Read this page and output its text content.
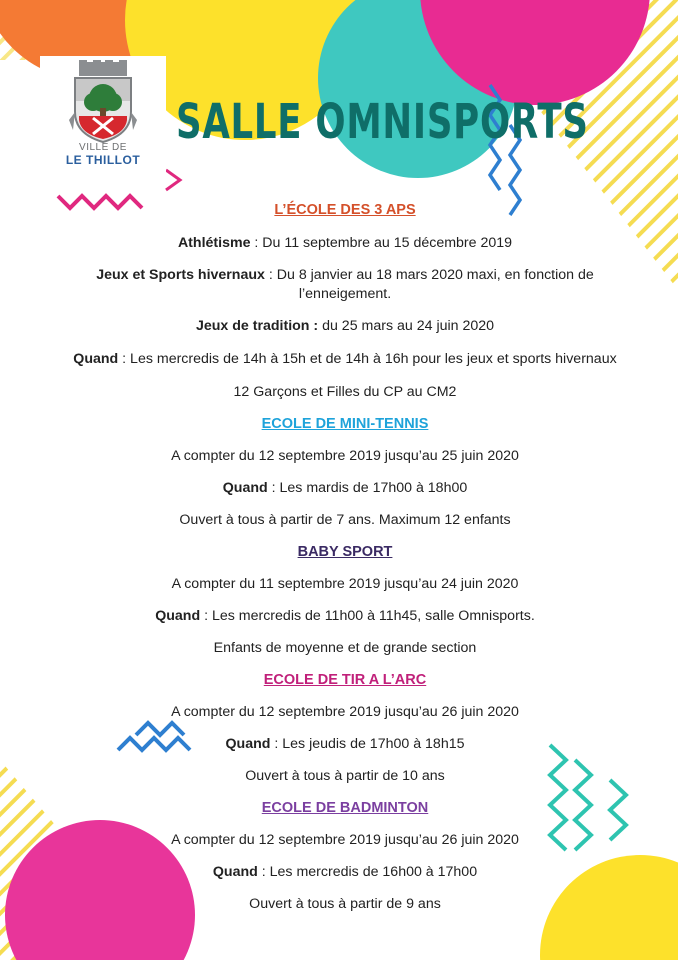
VILLE DE
LE THILLOT
SALLE OMNISPORTS

L’ÉCOLE DES 3 APS

Athlétisme : Du 11 septembre au 15 décembre 2019

Jeux et Sports hivernaux : Du 8 janvier au 18 mars 2020 maxi, en fonction de l’enneigement.

Jeux de tradition : du 25 mars au 24 juin 2020

Quand : Les mercredis de 14h à 15h et de 14h à 16h pour les jeux et sports hivernaux

12 Garçons et Filles du CP au CM2

ECOLE DE MINI-TENNIS

A compter du 12 septembre 2019 jusqu’au 25 juin 2020

Quand : Les mardis de 17h00 à 18h00

Ouvert à tous à partir de 7 ans. Maximum 12 enfants

BABY SPORT

A compter du 11 septembre 2019 jusqu’au 24 juin 2020

Quand : Les mercredis de 11h00 à 11h45, salle Omnisports.

Enfants de moyenne et de grande section

ECOLE DE TIR A L’ARC

A compter du 12 septembre 2019 jusqu’au 26 juin 2020

Quand : Les jeudis de 17h00 à 18h15

Ouvert à tous à partir de 10 ans

ECOLE DE BADMINTON

A compter du 12 septembre 2019 jusqu’au 26 juin 2020

Quand : Les mercredis de 16h00 à 17h00

Ouvert à tous à partir de 9 ans
